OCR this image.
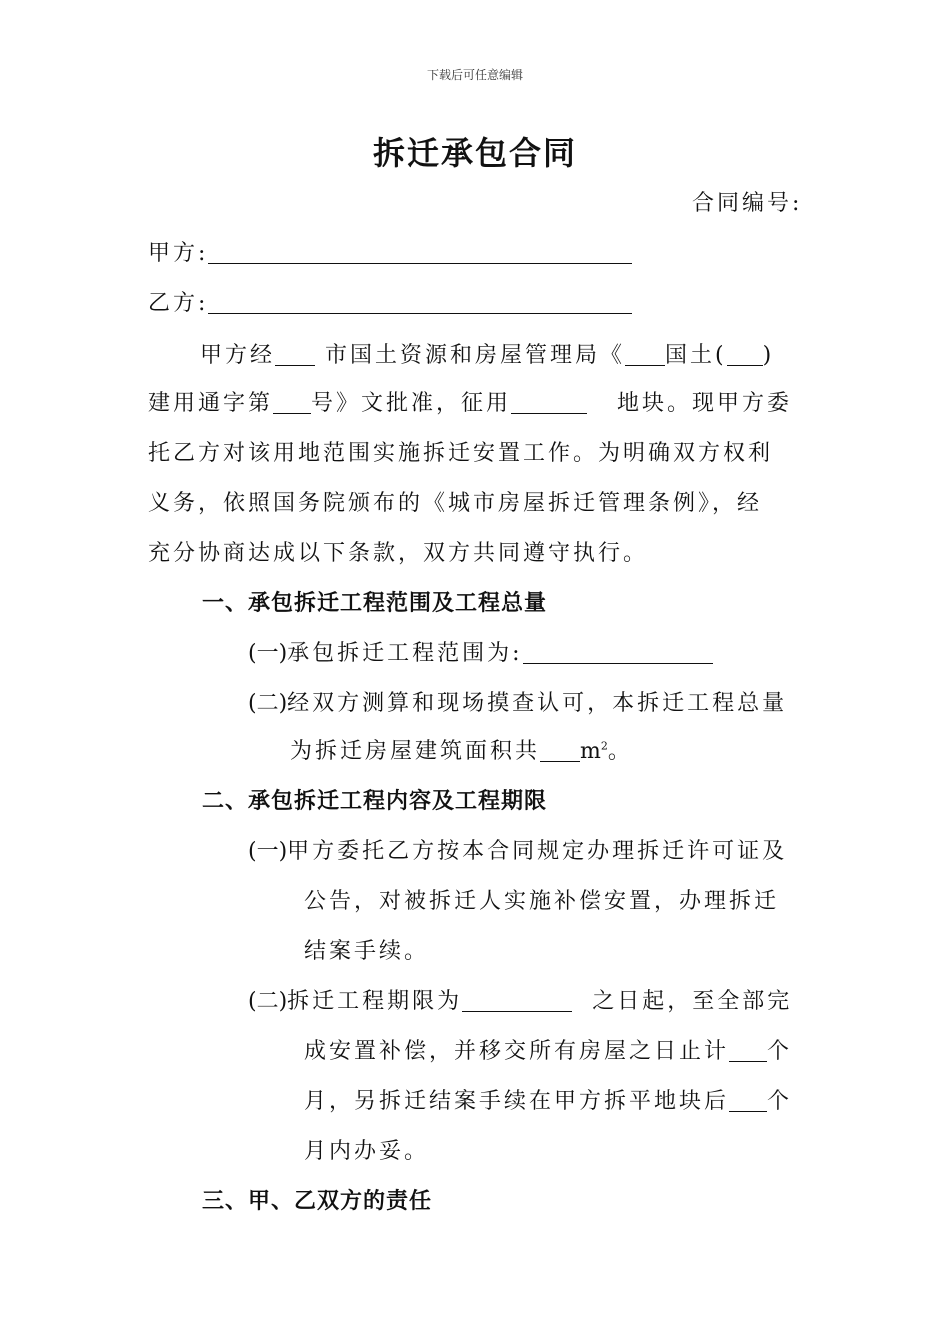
下载后可任意编辑
拆迁承包合同
合同编号:
甲方:
乙方:
甲方经 市国土资源和房屋管理局《 国土( )
建用通字第 号》文批准，征用	地块。现甲方委
托乙方对该用地范围实施拆迁安置工作。为明确双方权利
义务，依照国务院颁布的《城市房屋拆迁管理条例》，经
充分协商达成以下条款，双方共同遵守执行。
一、承包拆迁工程范围及工程总量
(一)承包拆迁工程范围为:
(二)经双方测算和现场摸查认可，本拆迁工程总量
为拆迁房屋建筑面积共 $m^2$。
二、承包拆迁工程内容及工程期限
(一)甲方委托乙方按本合同规定办理拆迁许可证及
公告，对被拆迁人实施补偿安置，办理拆迁
结案手续。
(二)拆迁工程期限为	之日起，至全部完
成安置补偿，并移交所有房屋之日止计 个
月，另拆迁结案手续在甲方拆平地块后 个
月内办妥。
三、甲、乙双方的责任
